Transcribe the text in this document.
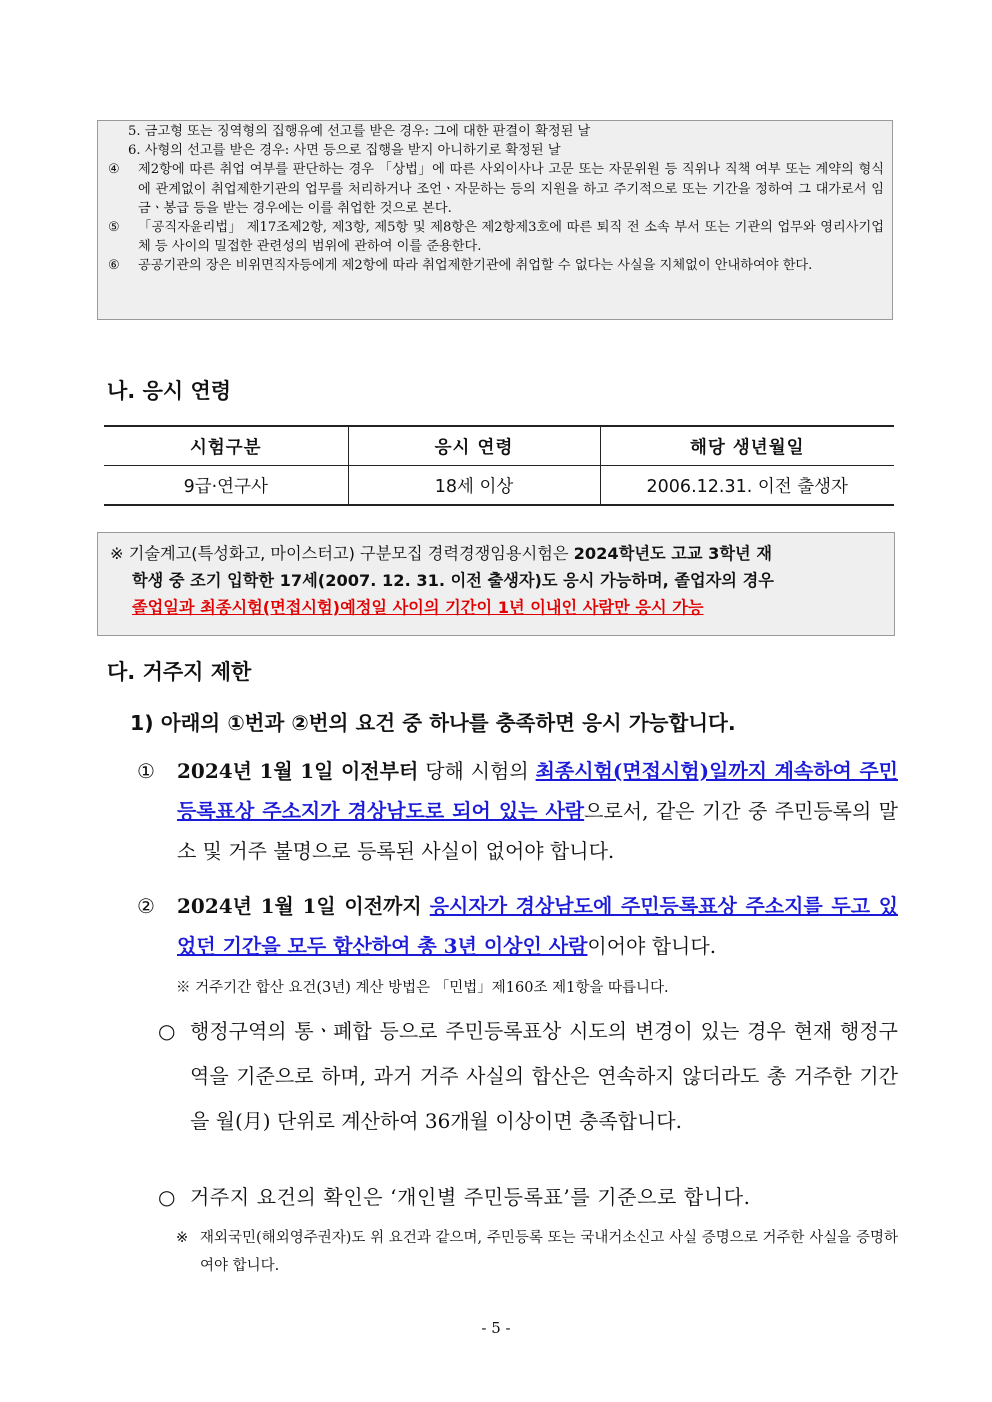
5. 금고형 또는 징역형의 집행유예 선고를 받은 경우: 그에 대한 판결이 확정된 날
6. 사형의 선고를 받은 경우: 사면 등으로 집행을 받지 아니하기로 확정된 날
④	제2항에 따른 취업 여부를 판단하는 경우 「상법」에 따른 사외이사나 고문 또는 자문위원 등 직위나 직책 여부 또는 계약의 형식에 관계없이 취업제한기관의 업무를 처리하거나 조언ㆍ자문하는 등의 지원을 하고 주기적으로 또는 기간을 정하여 그 대가로서 임금ㆍ봉급 등을 받는 경우에는 이를 취업한 것으로 본다.
⑤	「공직자윤리법」 제17조제2항, 제3항, 제5항 및 제8항은 제2항제3호에 따른 퇴직 전 소속 부서 또는 기관의 업무와 영리사기업체 등 사이의 밀접한 관련성의 범위에 관하여 이를 준용한다.
⑥	공공기관의 장은 비위면직자등에게 제2항에 따라 취업제한기관에 취업할 수 없다는 사실을 지체없이 안내하여야 한다.
나. 응시 연령
시험구분	응시 연령	해당 생년월일
9급·연구사	18세 이상	2006.12.31. 이전 출생자
※ 기술계고(특성화고, 마이스터고) 구분모집 경력경쟁임용시험은 2024학년도 고교 3학년 재
학생 중 조기 입학한 17세(2007. 12. 31. 이전 출생자)도 응시 가능하며, 졸업자의 경우
졸업일과 최종시험(면접시험)예정일 사이의 기간이 1년 이내인 사람만 응시 가능
다. 거주지 제한
1) 아래의 ①번과 ②번의 요건 중 하나를 충족하면 응시 가능합니다.
①	2024년 1월 1일 이전부터 당해 시험의 최종시험(면접시험)일까지 계속하여 주민등록표상 주소지가 경상남도로 되어 있는 사람으로서, 같은 기간 중 주민등록의 말소 및 거주 불명으로 등록된 사실이 없어야 합니다.
②	2024년 1월 1일 이전까지 응시자가 경상남도에 주민등록표상 주소지를 두고 있었던 기간을 모두 합산하여 총 3년 이상인 사람이어야 합니다.
※ 거주기간 합산 요건(3년) 계산 방법은 「민법」제160조 제1항을 따릅니다.
○ 행정구역의 통ㆍ폐합 등으로 주민등록표상 시도의 변경이 있는 경우 현재 행정구역을 기준으로 하며, 과거 거주 사실의 합산은 연속하지 않더라도 총 거주한 기간을 월(月) 단위로 계산하여 36개월 이상이면 충족합니다.
○ 거주지 요건의 확인은 ‘개인별 주민등록표’를 기준으로 합니다.
※ 재외국민(해외영주권자)도 위 요건과 같으며, 주민등록 또는 국내거소신고 사실 증명으로 거주한 사실을 증명하여야 합니다.
- 5 -
